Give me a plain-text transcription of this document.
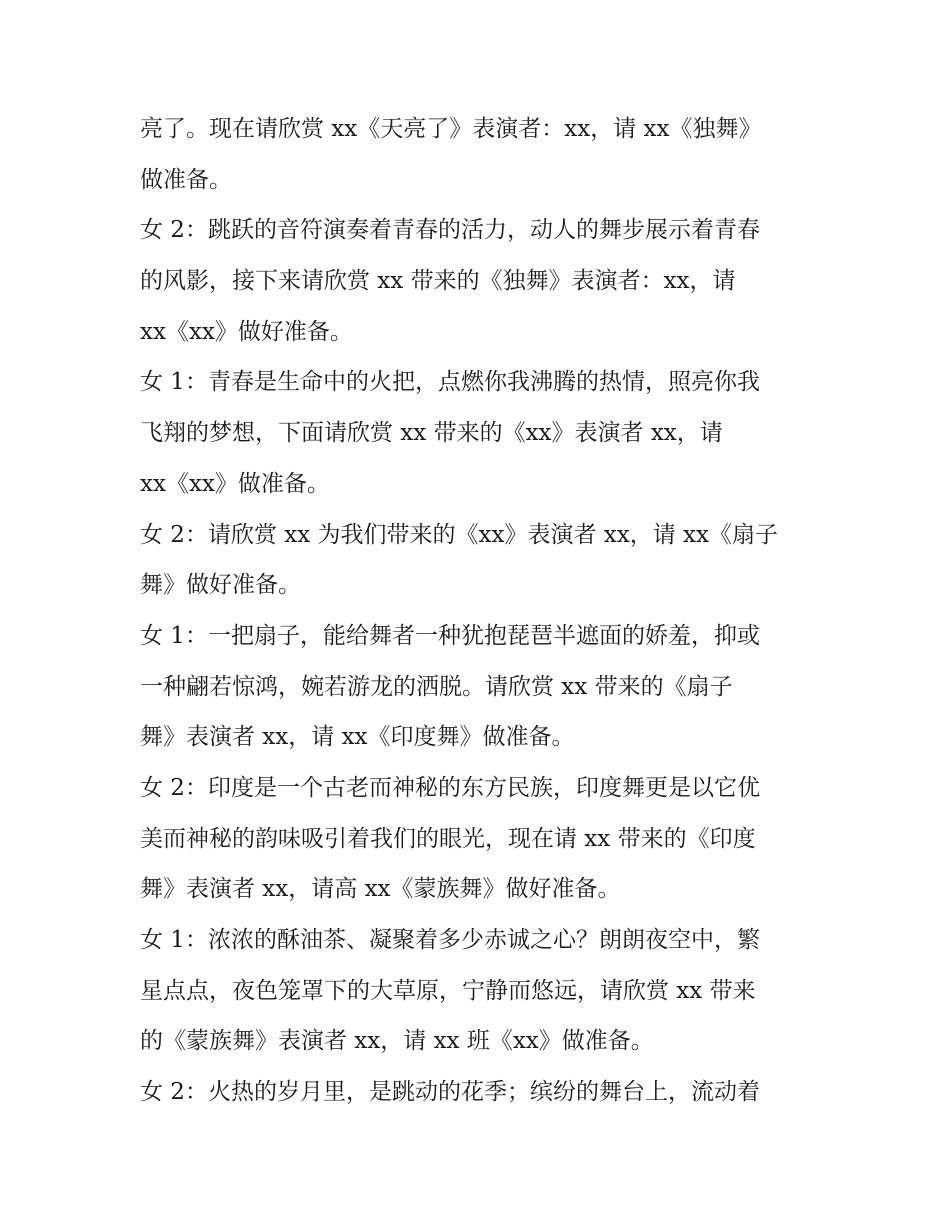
亮了。现在请欣赏 xx《天亮了》表演者：xx，请 xx《独舞》
做准备。
女 2：跳跃的音符演奏着青春的活力，动人的舞步展示着青春
的风影，接下来请欣赏 xx 带来的《独舞》表演者：xx，请
xx《xx》做好准备。
女 1：青春是生命中的火把，点燃你我沸腾的热情，照亮你我
飞翔的梦想，下面请欣赏 xx 带来的《xx》表演者 xx，请
xx《xx》做准备。
女 2：请欣赏 xx 为我们带来的《xx》表演者 xx，请 xx《扇子
舞》做好准备。
女 1：一把扇子，能给舞者一种犹抱琵琶半遮面的娇羞，抑或
一种翩若惊鸿，婉若游龙的洒脱。请欣赏 xx 带来的《扇子
舞》表演者 xx，请 xx《印度舞》做准备。
女 2：印度是一个古老而神秘的东方民族，印度舞更是以它优
美而神秘的韵味吸引着我们的眼光，现在请 xx 带来的《印度
舞》表演者 xx，请高 xx《蒙族舞》做好准备。
女 1：浓浓的酥油茶、凝聚着多少赤诚之心？朗朗夜空中，繁
星点点，夜色笼罩下的大草原，宁静而悠远，请欣赏 xx 带来
的《蒙族舞》表演者 xx，请 xx 班《xx》做准备。
女 2：火热的岁月里，是跳动的花季；缤纷的舞台上，流动着
